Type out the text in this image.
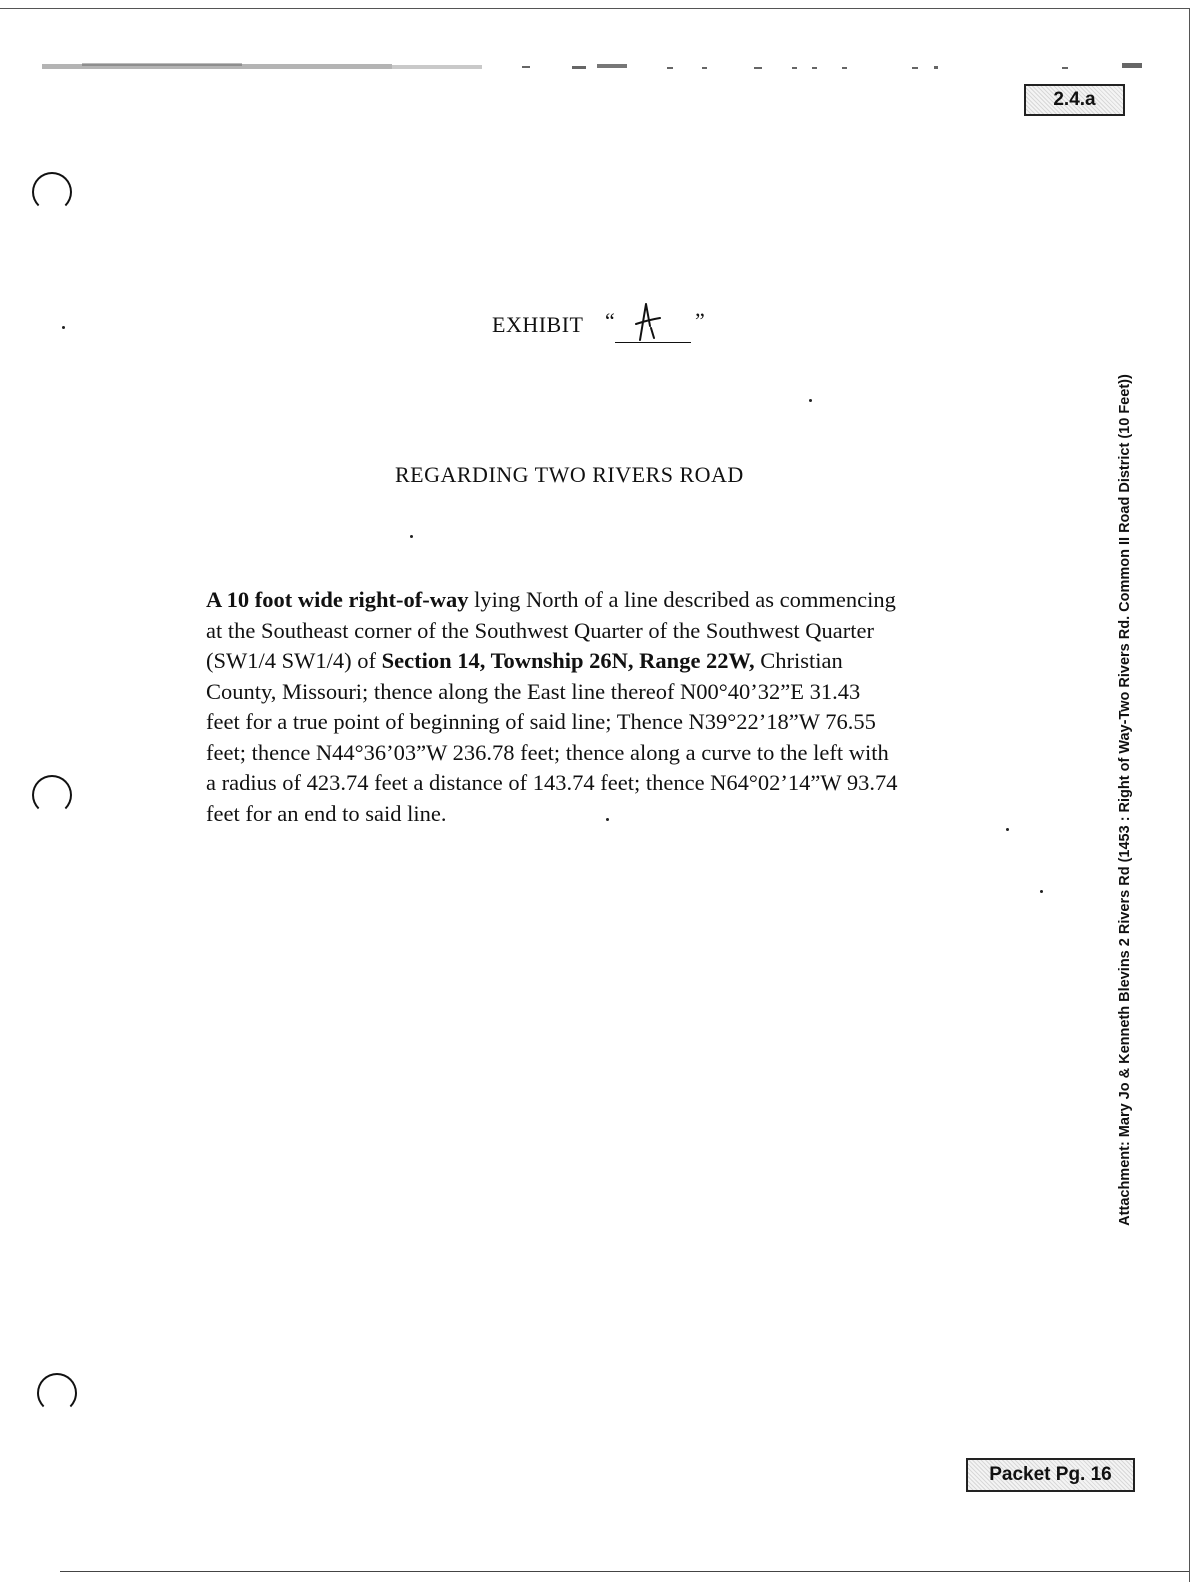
2.4.a
EXHIBIT “	”
REGARDING TWO RIVERS ROAD

A 10 foot wide right-of-way lying North of a line described as commencing

at the Southeast corner of the Southwest Quarter of the Southwest Quarter

(SW1/4 SW1/4) of Section 14, Township 26N, Range 22W, Christian

County, Missouri; thence along the East line thereof N00°40’32”E 31.43

feet for a true point of beginning of said line; Thence N39°22’18”W 76.55

feet; thence N44°36’03”W 236.78 feet; thence along a curve to the left with

a radius of 423.74 feet a distance of 143.74 feet; thence N64°02’14”W 93.74

feet for an end to said line.	Attachment: Mary Jo & Kenneth Blevins 2 Rivers Rd (1453 : Right of Way-Two Rivers Rd. Common II Road District (10 Feet))
Packet Pg. 16
